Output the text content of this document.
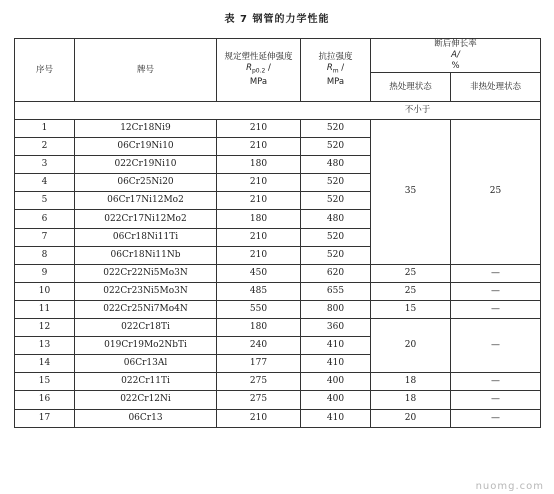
表 7 钢管的力学性能
序号	牌号	规定塑性延伸强度
$R_{p0.2}$ /
MPa	抗拉强度
$R_m$ /
MPa	断后伸长率
A/
%	

				热处理状态	非热处理状态
不小于					
1	12Cr18Ni9	210	520	35	25
2	06Cr19Ni10	210	520		
3	022Cr19Ni10	180	480		
4	06Cr25Ni20	210	520		
5	06Cr17Ni12Mo2	210	520		
6	022Cr17Ni12Mo2	180	480		
7	06Cr18Ni11Ti	210	520		
8	06Cr18Ni11Nb	210	520		
9	022Cr22Ni5Mo3N	450	620	25	—
10	022Cr23Ni5Mo3N	485	655	25	—
11	022Cr25Ni7Mo4N	550	800	15	—
12	022Cr18Ti	180	360	20	—
13	019Cr19Mo2NbTi	240	410		
14	06Cr13Al	177	410		
15	022Cr11Ti	275	400	18	—
16	022Cr12Ni	275	400	18	—
17	06Cr13	210	410	20	—
nuomg.com
